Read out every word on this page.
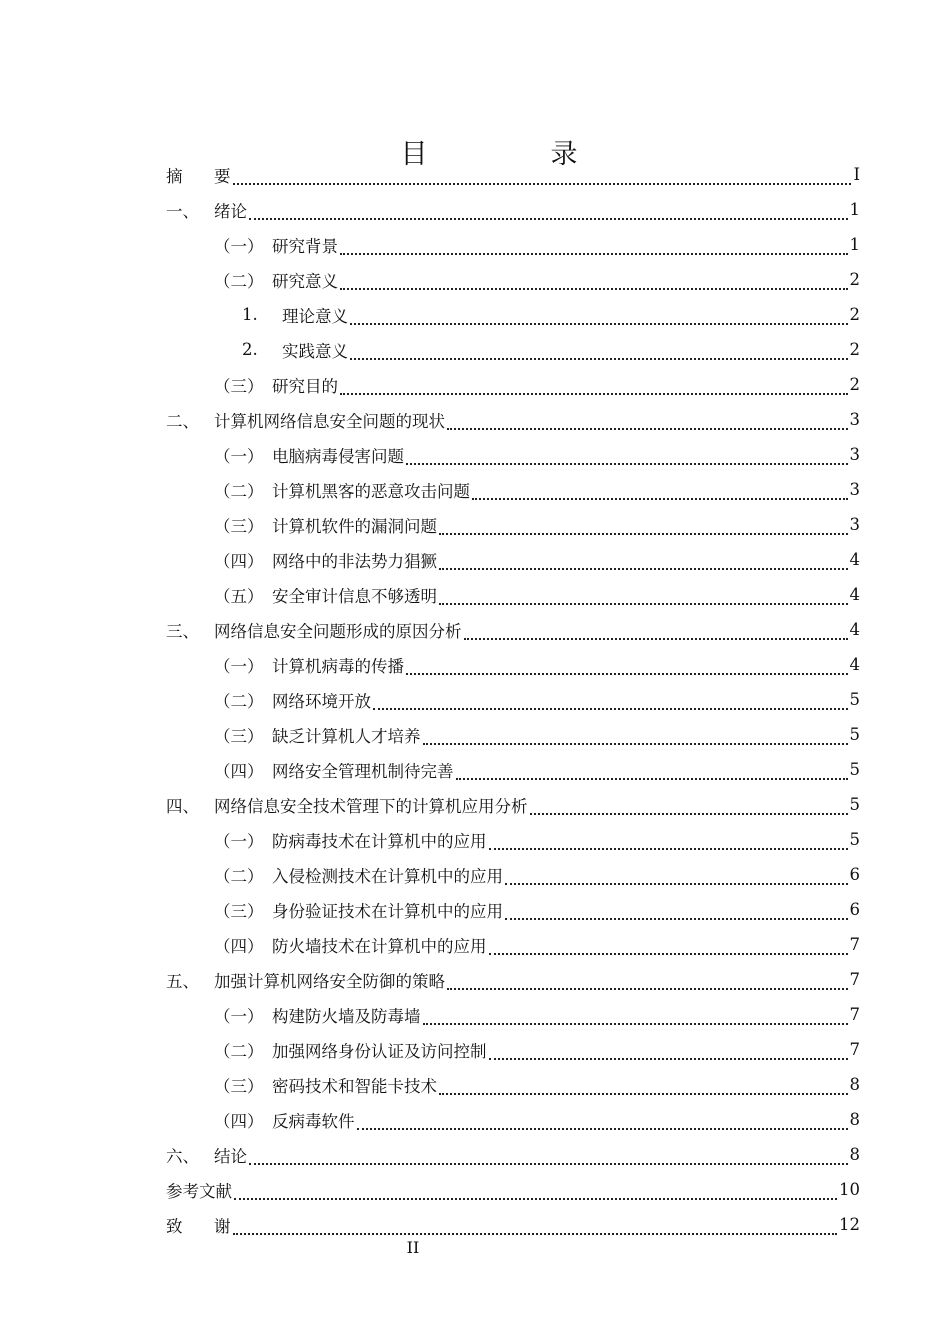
目　录
摘	要	I
一、 绪论	1
（一） 研究背景	1
（二） 研究意义	2
1.	理论意义	2
2.	实践意义	2
（三） 研究目的	2
二、 计算机网络信息安全问题的现状	3
（一） 电脑病毒侵害问题	3
（二） 计算机黑客的恶意攻击问题	3
（三） 计算机软件的漏洞问题	3
（四） 网络中的非法势力猖獗	4
（五） 安全审计信息不够透明	4
三、 网络信息安全问题形成的原因分析	4
（一） 计算机病毒的传播	4
（二） 网络环境开放	5
（三） 缺乏计算机人才培养	5
（四） 网络安全管理机制待完善	5
四、 网络信息安全技术管理下的计算机应用分析	5
（一） 防病毒技术在计算机中的应用	5
（二） 入侵检测技术在计算机中的应用	6
（三） 身份验证技术在计算机中的应用	6
（四） 防火墙技术在计算机中的应用	7
五、 加强计算机网络安全防御的策略	7
（一） 构建防火墙及防毒墙	7
（二） 加强网络身份认证及访问控制	7
（三） 密码技术和智能卡技术	8
（四） 反病毒软件	8
六、 结论	8
参考文献	10
致	谢	12
II
